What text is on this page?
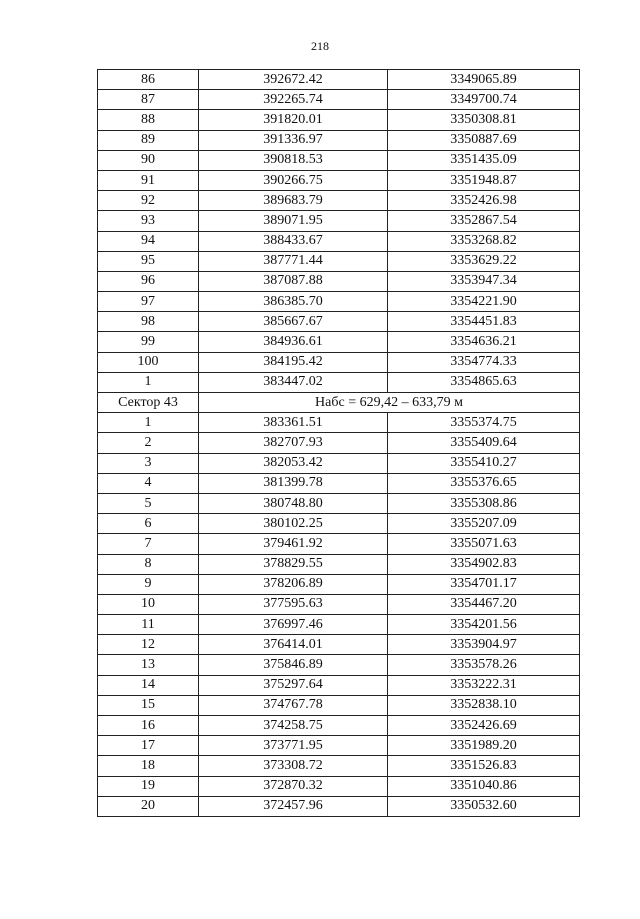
218
86	392672.42	3349065.89
87	392265.74	3349700.74
88	391820.01	3350308.81
89	391336.97	3350887.69
90	390818.53	3351435.09
91	390266.75	3351948.87
92	389683.79	3352426.98
93	389071.95	3352867.54
94	388433.67	3353268.82
95	387771.44	3353629.22
96	387087.88	3353947.34
97	386385.70	3354221.90
98	385667.67	3354451.83
99	384936.61	3354636.21
100	384195.42	3354774.33
1	383447.02	3354865.63
Сектор 43	Набс = 629,42 – 633,79 м	
1	383361.51	3355374.75
2	382707.93	3355409.64
3	382053.42	3355410.27
4	381399.78	3355376.65
5	380748.80	3355308.86
6	380102.25	3355207.09
7	379461.92	3355071.63
8	378829.55	3354902.83
9	378206.89	3354701.17
10	377595.63	3354467.20
11	376997.46	3354201.56
12	376414.01	3353904.97
13	375846.89	3353578.26
14	375297.64	3353222.31
15	374767.78	3352838.10
16	374258.75	3352426.69
17	373771.95	3351989.20
18	373308.72	3351526.83
19	372870.32	3351040.86
20	372457.96	3350532.60
